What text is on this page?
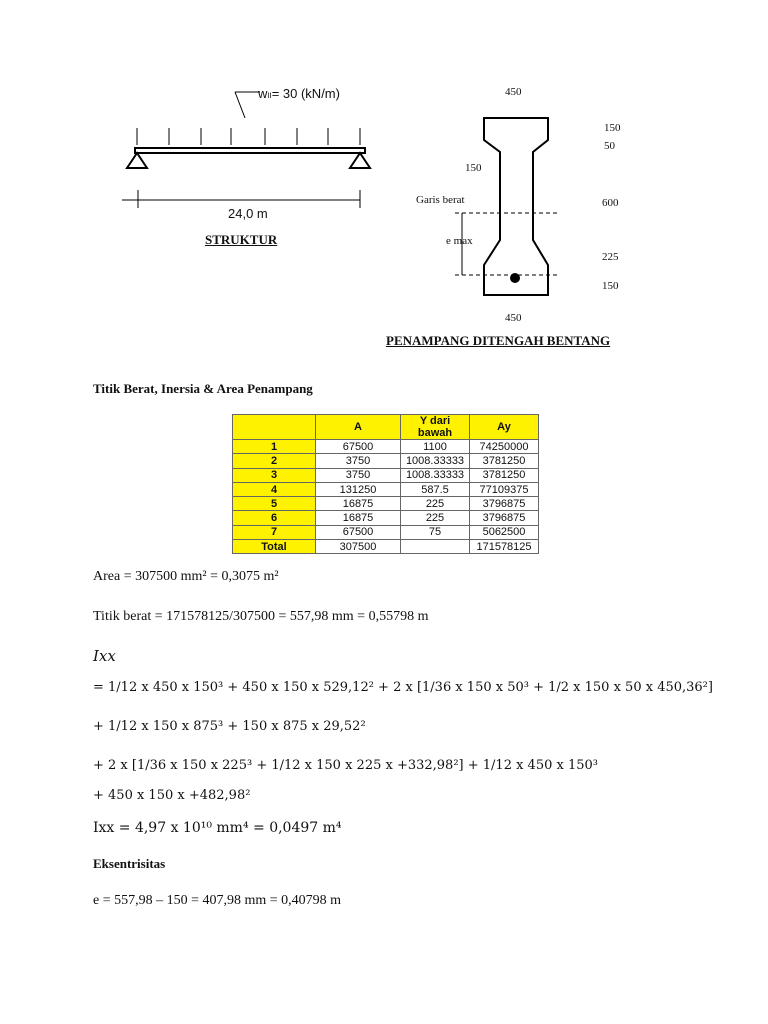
wₗₗ= 30 (kN/m)
24,0 m
STRUKTUR
450
150
Garis berat
e max
150
50
600
225
150
450
PENAMPANG DITENGAH BENTANG
Titik Berat, Inersia & Area Penampang
	A	Y dari bawah	Ay
1	67500	1100	74250000
2	3750	1008.33333	3781250
3	3750	1008.33333	3781250
4	131250	587.5	77109375
5	16875	225	3796875
6	16875	225	3796875
7	67500	75	5062500
Total	307500		171578125
Area = 307500 mm² = 0,3075 m²
Titik berat = 171578125/307500 = 557,98 mm = 0,55798 m
Ixx
= 1/12 x 450 x 150³ + 450 x 150 x 529,12² + 2 x [1/36 x 150 x 50³ + 1/2 x 150 x 50 x 450,36²]
+ 1/12 x 150 x 875³ + 150 x 875 x 29,52²
+ 2 x [1/36 x 150 x 225³ + 1/12 x 150 x 225 x +332,98²] + 1/12 x 450 x 150³
+ 450 x 150 x +482,98²
Ixx = 4,97 x 10¹⁰ mm⁴ = 0,0497 m⁴
Eksentrisitas
e = 557,98 – 150 = 407,98 mm = 0,40798 m
